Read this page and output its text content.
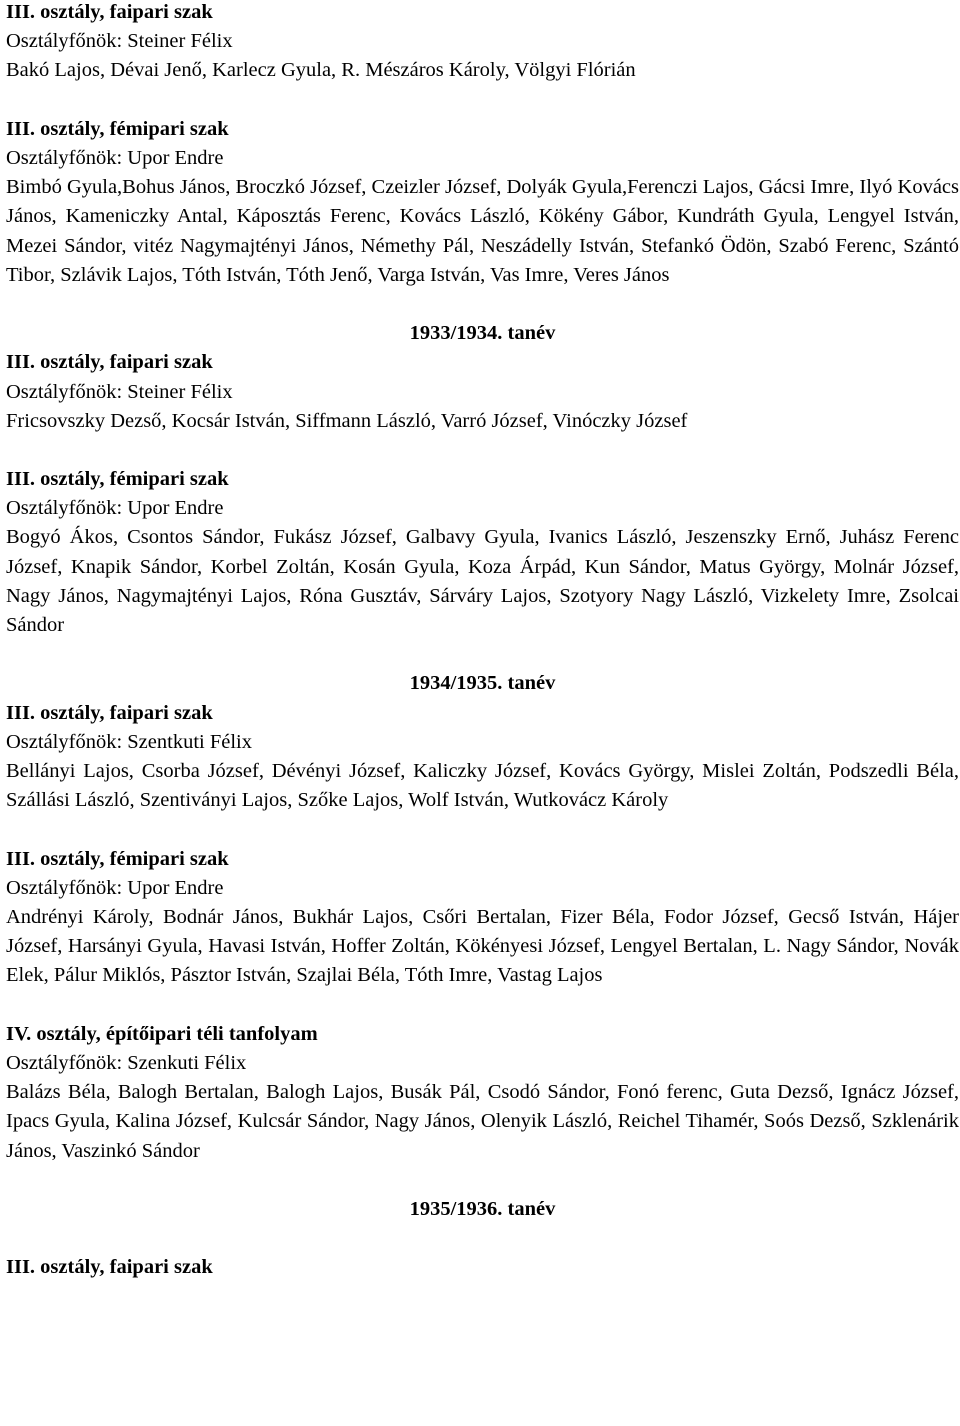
III. osztály, faipari szak
Osztályfőnök: Steiner Félix
Bakó Lajos, Dévai Jenő, Karlecz Gyula, R. Mészáros Károly, Völgyi Flórián
III. osztály, fémipari szak
Osztályfőnök: Upor Endre
Bimbó Gyula,Bohus János, Broczkó József, Czeizler József, Dolyák Gyula,Ferenczi Lajos, Gácsi Imre, Ilyó Kovács János, Kameniczky Antal, Káposztás Ferenc, Kovács László, Kökény Gábor, Kundráth Gyula, Lengyel István, Mezei Sándor, vitéz Nagymajtényi János, Némethy Pál, Neszádelly István, Stefankó Ödön, Szabó Ferenc, Szántó Tibor, Szlávik Lajos, Tóth István, Tóth Jenő, Varga István, Vas Imre, Veres János
1933/1934. tanév
III. osztály, faipari szak
Osztályfőnök: Steiner Félix
Fricsovszky Dezső, Kocsár István, Siffmann László, Varró József, Vinóczky József
III. osztály, fémipari szak
Osztályfőnök: Upor Endre
Bogyó Ákos, Csontos Sándor, Fukász József, Galbavy Gyula, Ivanics László, Jeszenszky Ernő, Juhász Ferenc József, Knapik Sándor, Korbel Zoltán, Kosán Gyula, Koza Árpád, Kun Sándor, Matus György, Molnár József, Nagy János, Nagymajtényi Lajos, Róna Gusztáv, Sárváry Lajos, Szotyory Nagy László, Vizkelety Imre, Zsolcai Sándor
1934/1935. tanév
III. osztály, faipari szak
Osztályfőnök: Szentkuti Félix
Bellányi Lajos, Csorba József, Dévényi József, Kaliczky József, Kovács György, Mislei Zoltán, Podszedli Béla, Szállási László, Szentiványi Lajos, Szőke Lajos, Wolf István, Wutkovácz Károly
III. osztály, fémipari szak
Osztályfőnök: Upor Endre
Andrényi Károly, Bodnár János, Bukhár Lajos, Csőri Bertalan, Fizer Béla, Fodor József, Gecső István, Hájer József, Harsányi Gyula, Havasi István, Hoffer Zoltán, Kökényesi József, Lengyel Bertalan, L. Nagy Sándor, Novák Elek, Pálur Miklós, Pásztor István, Szajlai Béla, Tóth Imre, Vastag Lajos
IV. osztály, építőipari téli tanfolyam
Osztályfőnök: Szenkuti Félix
Balázs Béla, Balogh Bertalan, Balogh Lajos, Busák Pál, Csodó Sándor, Fonó ferenc, Guta Dezső, Ignácz József, Ipacs Gyula, Kalina József, Kulcsár Sándor, Nagy János, Olenyik László, Reichel Tihamér, Soós Dezső, Szklenárik János, Vaszinkó Sándor
1935/1936. tanév
III. osztály, faipari szak
